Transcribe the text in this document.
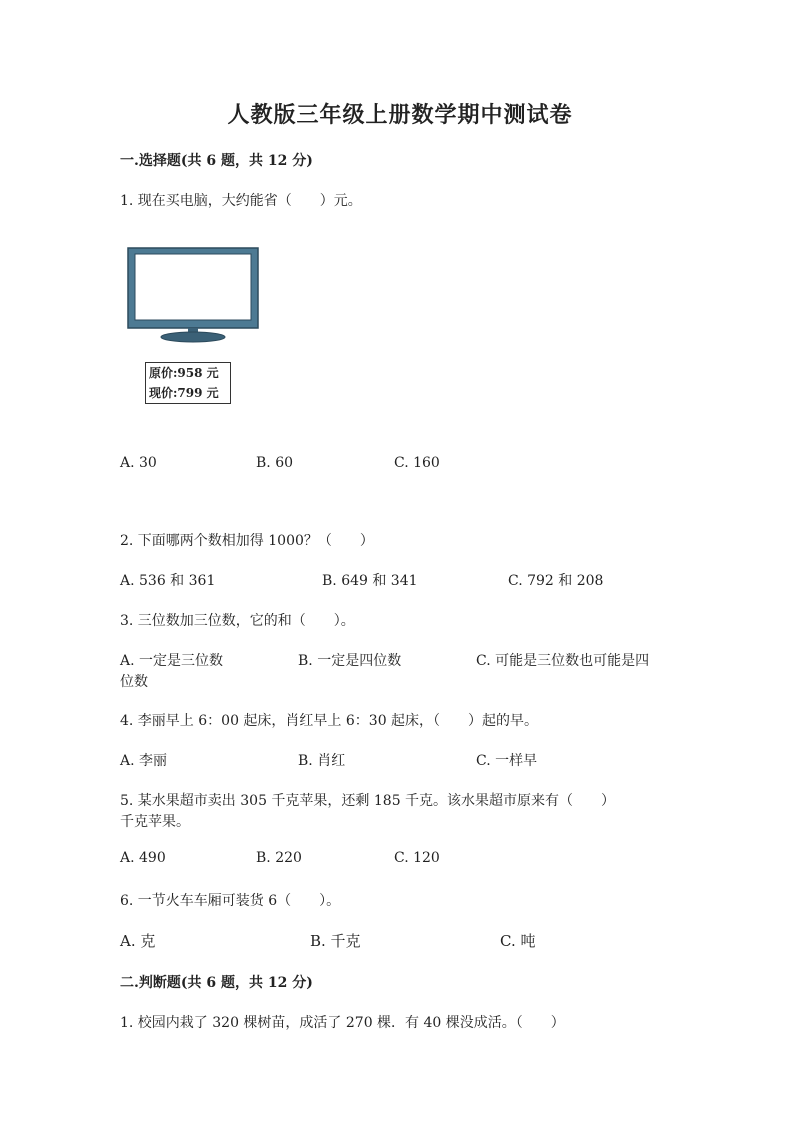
人教版三年级上册数学期中测试卷
一.选择题(共 6 题，共 12 分)
1. 现在买电脑，大约能省（　　）元。
原价:958 元
现价:799 元
A. 30	B. 60	C. 160
2. 下面哪两个数相加得 1000？（　　）
A. 536 和 361	B. 649 和 341	C. 792 和 208
3. 三位数加三位数，它的和（　　）。
A. 一定是三位数	B. 一定是四位数	C. 可能是三位数也可能是四
位数
4. 李丽早上 6：00 起床，肖红早上 6：30 起床，（　　）起的早。
A. 李丽	B. 肖红	C. 一样早
5. 某水果超市卖出 305 千克苹果，还剩 185 千克。该水果超市原来有（　　）
千克苹果。
A. 490	B. 220	C. 120
6. 一节火车车厢可装货 6（　　）。
A. 克	B. 千克	C. 吨
二.判断题(共 6 题，共 12 分)
1. 校园内栽了 320 棵树苗，成活了 270 棵．有 40 棵没成活。（　　）
